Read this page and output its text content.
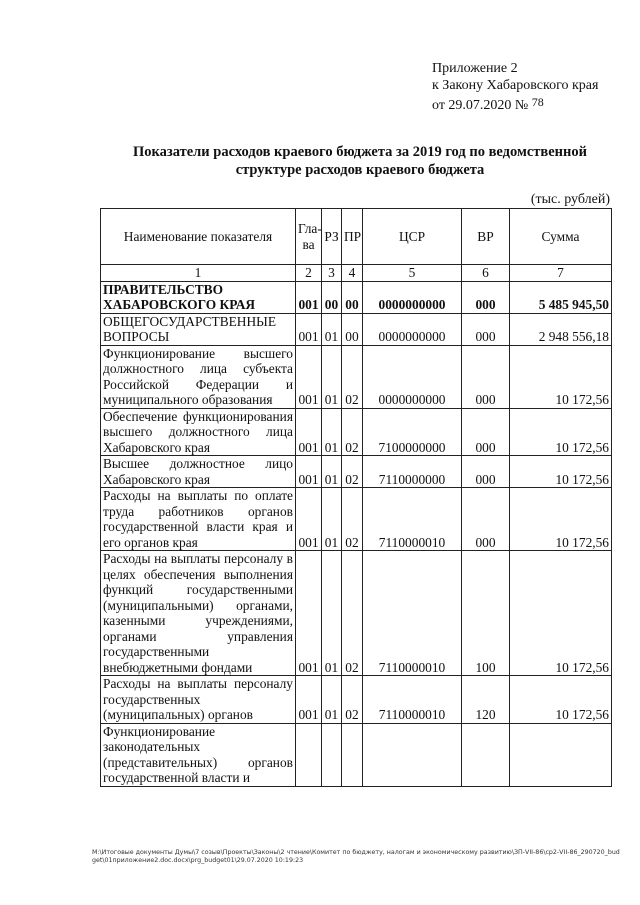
Приложение 2
к Закону Хабаровского края
от 29.07.2020 № 78
Показатели расходов краевого бюджета за 2019 год по ведомственной
структуре расходов краевого бюджета
(тыс. рублей)
Наименование показателя	Гла-ва	РЗ	ПР	ЦСР	ВР	Сумма
1	2	3	4	5	6	7
ПРАВИТЕЛЬСТВО ХАБАРОВСКОГО КРАЯ	001	00	00	0000000000	000	5 485 945,50
ОБЩЕГОСУДАРСТВЕННЫЕ ВОПРОСЫ	001	01	00	0000000000	000	2 948 556,18
Функционирование высшего должностного лица субъекта Российской Федерации и муниципального образования	001	01	02	0000000000	000	10 172,56
Обеспечение функционирования высшего должностного лица Хабаровского края	001	01	02	7100000000	000	10 172,56
Высшее должностное лицо Хабаровского края	001	01	02	7110000000	000	10 172,56
Расходы на выплаты по оплате труда работников органов государственной власти края и его органов края	001	01	02	7110000010	000	10 172,56
Расходы на выплаты персоналу в целях обеспечения выполнения функций государственными (муниципальными) органами, казенными учреждениями, органами управления государственными внебюджетными фондами	001	01	02	7110000010	100	10 172,56
Расходы на выплаты персоналу государственных (муниципальных) органов	001	01	02	7110000010	120	10 172,56
Функционирование законодательных (представительных) органов государственной власти и						
M:\Итоговые документы Думы\7 созыв\Проекты\Законы\2 чтение\Комитет по бюджету, налогам и экономическому развитию\ЗП-VII-86\ср2-VII-86_290720_budget\01приложение2.doc.docx\prg_budget01\29.07.2020 10:19:23
